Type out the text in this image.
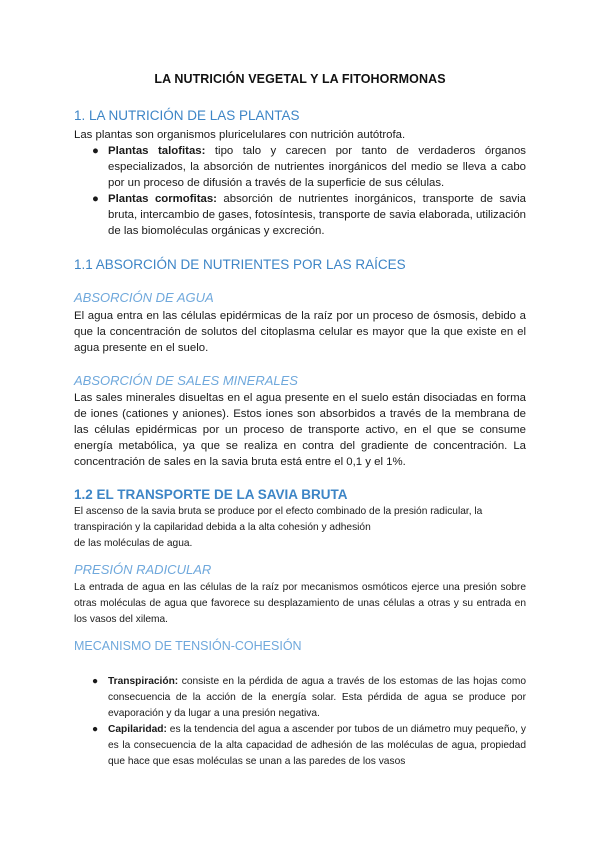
LA NUTRICIÓN VEGETAL Y LA FITOHORMONAS
1. LA NUTRICIÓN DE LAS PLANTAS
Las plantas son organismos pluricelulares con nutrición autótrofa.
● Plantas talofitas: tipo talo y carecen por tanto de verdaderos órganos especializados, la absorción de nutrientes inorgánicos del medio se lleva a cabo por un proceso de difusión a través de la superficie de sus células.
● Plantas cormofitas: absorción de nutrientes inorgánicos, transporte de savia bruta, intercambio de gases, fotosíntesis, transporte de savia elaborada, utilización de las biomoléculas orgánicas y excreción.
1.1 ABSORCIÓN DE NUTRIENTES POR LAS RAÍCES
ABSORCIÓN DE AGUA
El agua entra en las células epidérmicas de la raíz por un proceso de ósmosis, debido a que la concentración de solutos del citoplasma celular es mayor que la que existe en el agua presente en el suelo.
ABSORCIÓN DE SALES MINERALES
Las sales minerales disueltas en el agua presente en el suelo están disociadas en forma de iones (cationes y aniones). Estos iones son absorbidos a través de la membrana de las células epidérmicas por un proceso de transporte activo, en el que se consume energía metabólica, ya que se realiza en contra del gradiente de concentración. La concentración de sales en la savia bruta está entre el 0,1 y el 1%.
1.2 EL TRANSPORTE DE LA SAVIA BRUTA
El ascenso de la savia bruta se produce por el efecto combinado de la presión radicular, la
transpiración y la capilaridad debida a la alta cohesión y adhesión
de las moléculas de agua.
PRESIÓN RADICULAR
La entrada de agua en las células de la raíz por mecanismos osmóticos ejerce una presión sobre otras moléculas de agua que favorece su desplazamiento de unas células a otras y su entrada en los vasos del xilema.
MECANISMO DE TENSIÓN-COHESIÓN
● Transpiración: consiste en la pérdida de agua a través de los estomas de las hojas como consecuencia de la acción de la energía solar. Esta pérdida de agua se produce por evaporación y da lugar a una presión negativa.
● Capilaridad: es la tendencia del agua a ascender por tubos de un diámetro muy pequeño, y es la consecuencia de la alta capacidad de adhesión de las moléculas de agua, propiedad que hace que esas moléculas se unan a las paredes de los vasos
